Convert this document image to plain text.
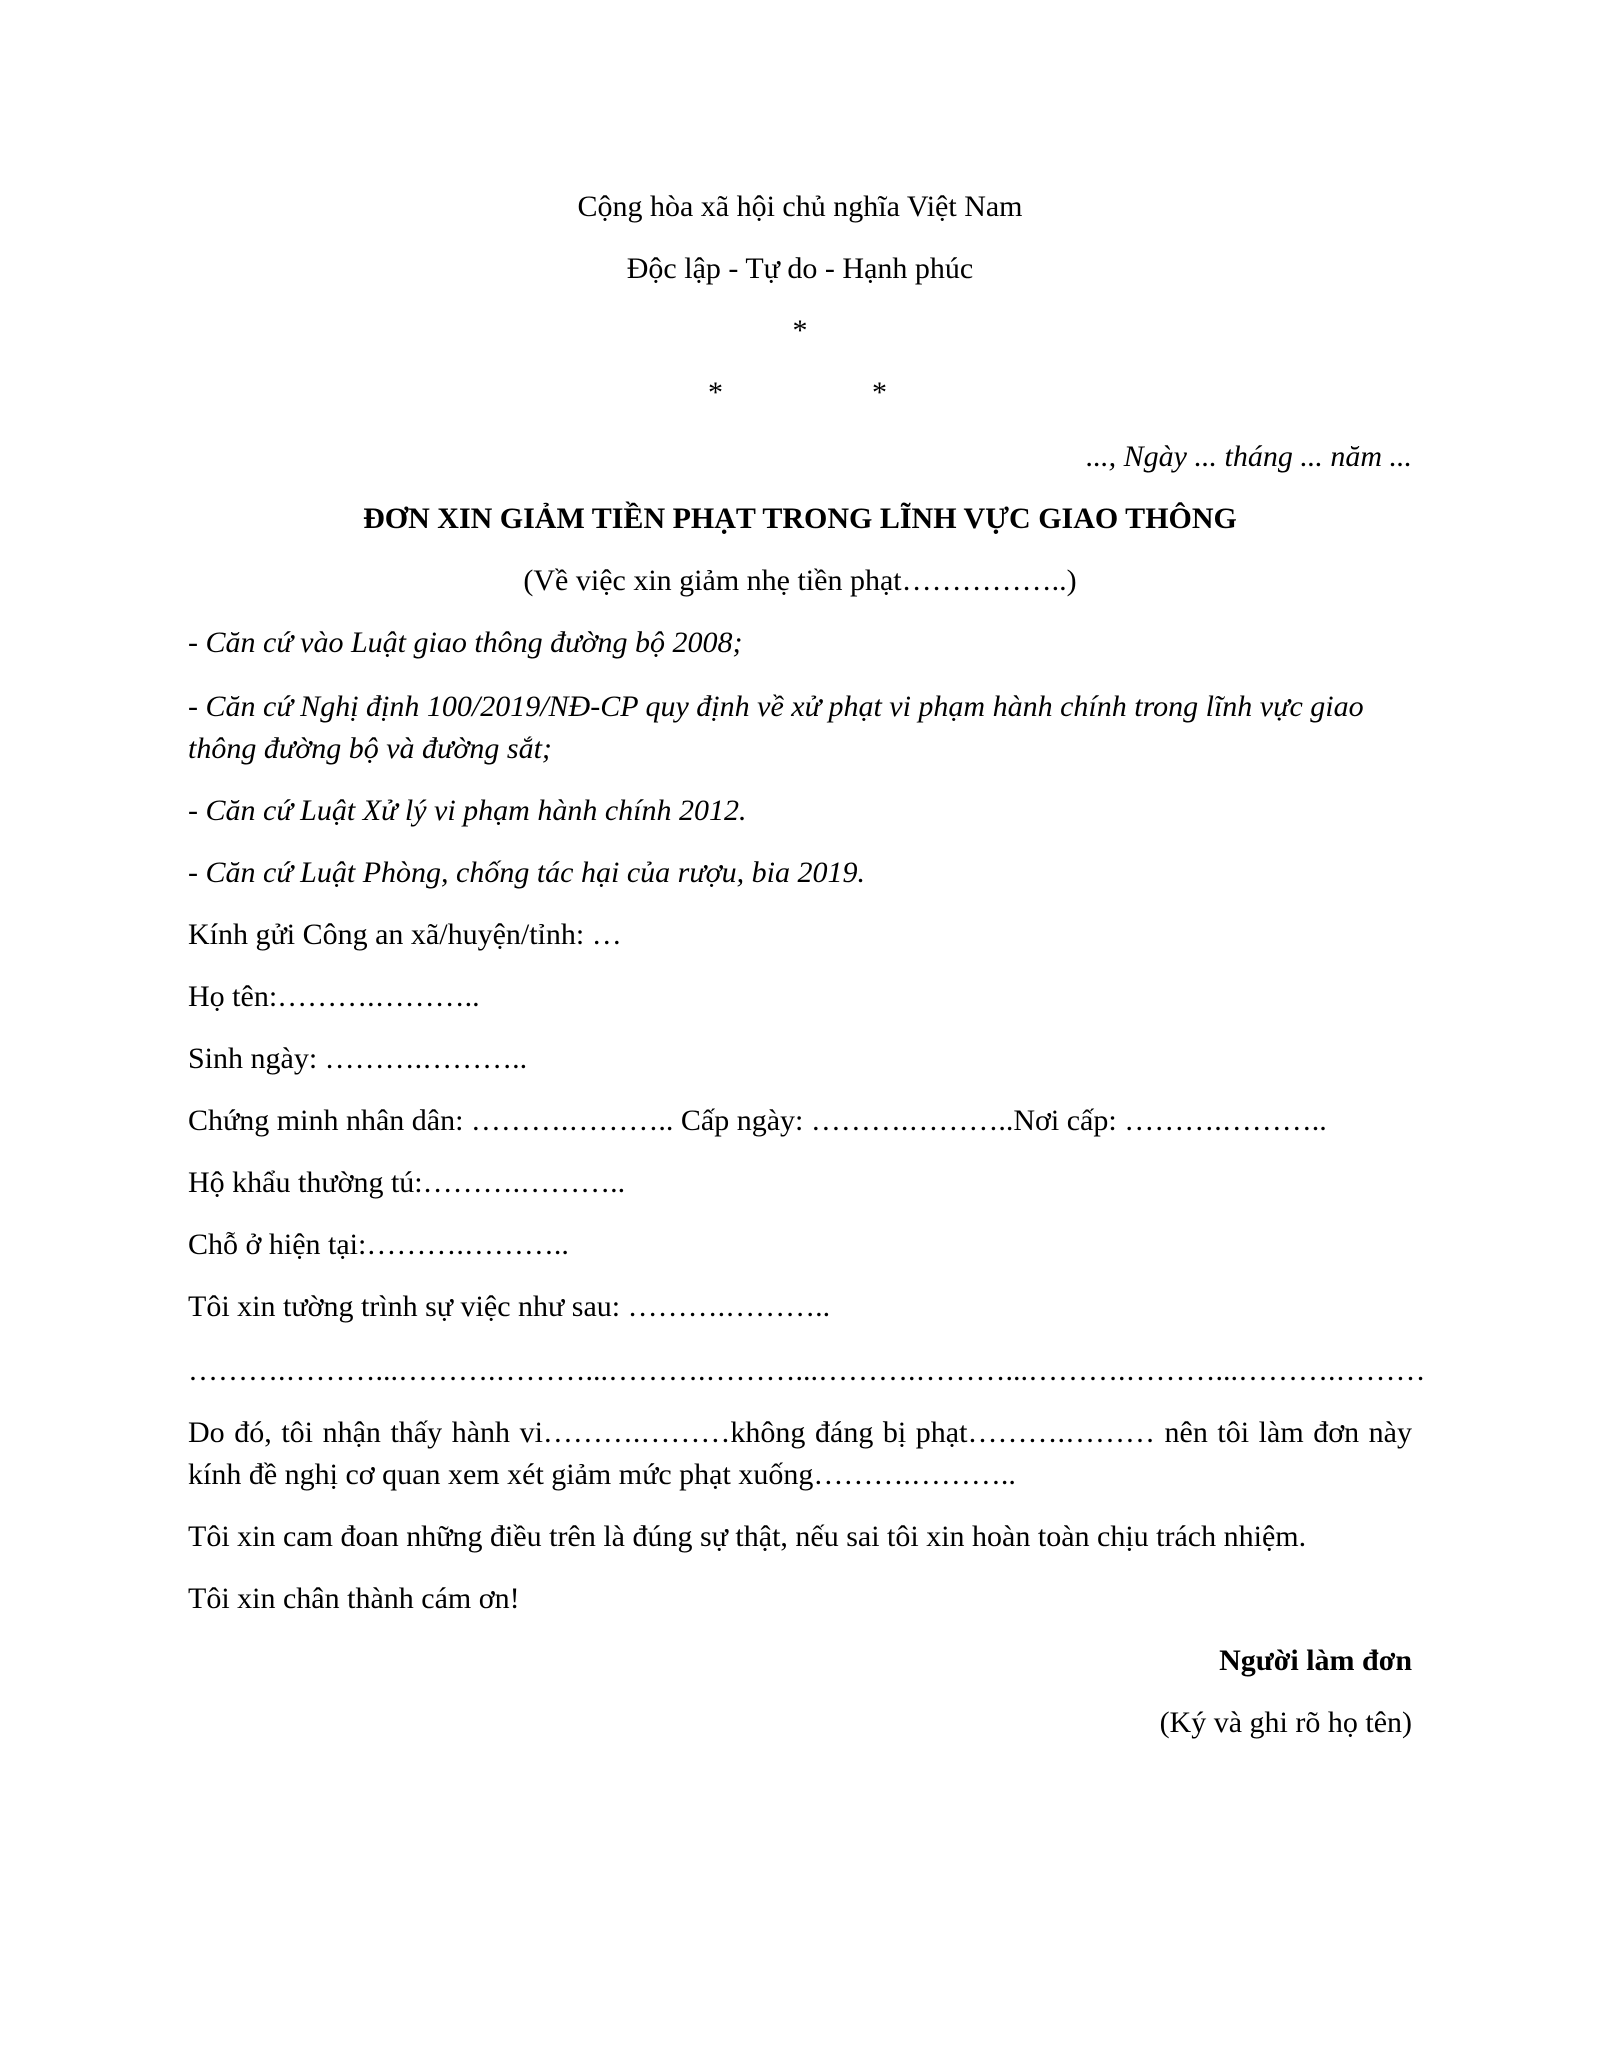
Cộng hòa xã hội chủ nghĩa Việt Nam
Độc lập - Tự do - Hạnh phúc
*
*	*
..., Ngày ... tháng ... năm ...
ĐƠN XIN GIẢM TIỀN PHẠT TRONG LĨNH VỰC GIAO THÔNG
(Về việc xin giảm nhẹ tiền phạt……………..)
- Căn cứ vào Luật giao thông đường bộ 2008;
- Căn cứ Nghị định 100/2019/NĐ-CP quy định về xử phạt vi phạm hành chính trong lĩnh vực giao thông đường bộ và đường sắt;
- Căn cứ Luật Xử lý vi phạm hành chính 2012.
- Căn cứ Luật Phòng, chống tác hại của rượu, bia 2019.
Kính gửi Công an xã/huyện/tỉnh: …
Họ tên:……….………..
Sinh ngày: ……….………..
Chứng minh nhân dân: ……….……….. Cấp ngày: ……….………..Nơi cấp: ……….………..
Hộ khẩu thường tú:……….………..
Chỗ ở hiện tại:……….………..
Tôi xin tường trình sự việc như sau: ……….………..
……….………...……….………...……….………...……….………...……….………...……….………
Do đó, tôi nhận thấy hành vi……….………không đáng bị phạt……….……… nên tôi làm đơn này kính đề nghị cơ quan xem xét giảm mức phạt xuống……….………..
Tôi xin cam đoan những điều trên là đúng sự thật, nếu sai tôi xin hoàn toàn chịu trách nhiệm.
Tôi xin chân thành cám ơn!
Người làm đơn
(Ký và ghi rõ họ tên)
